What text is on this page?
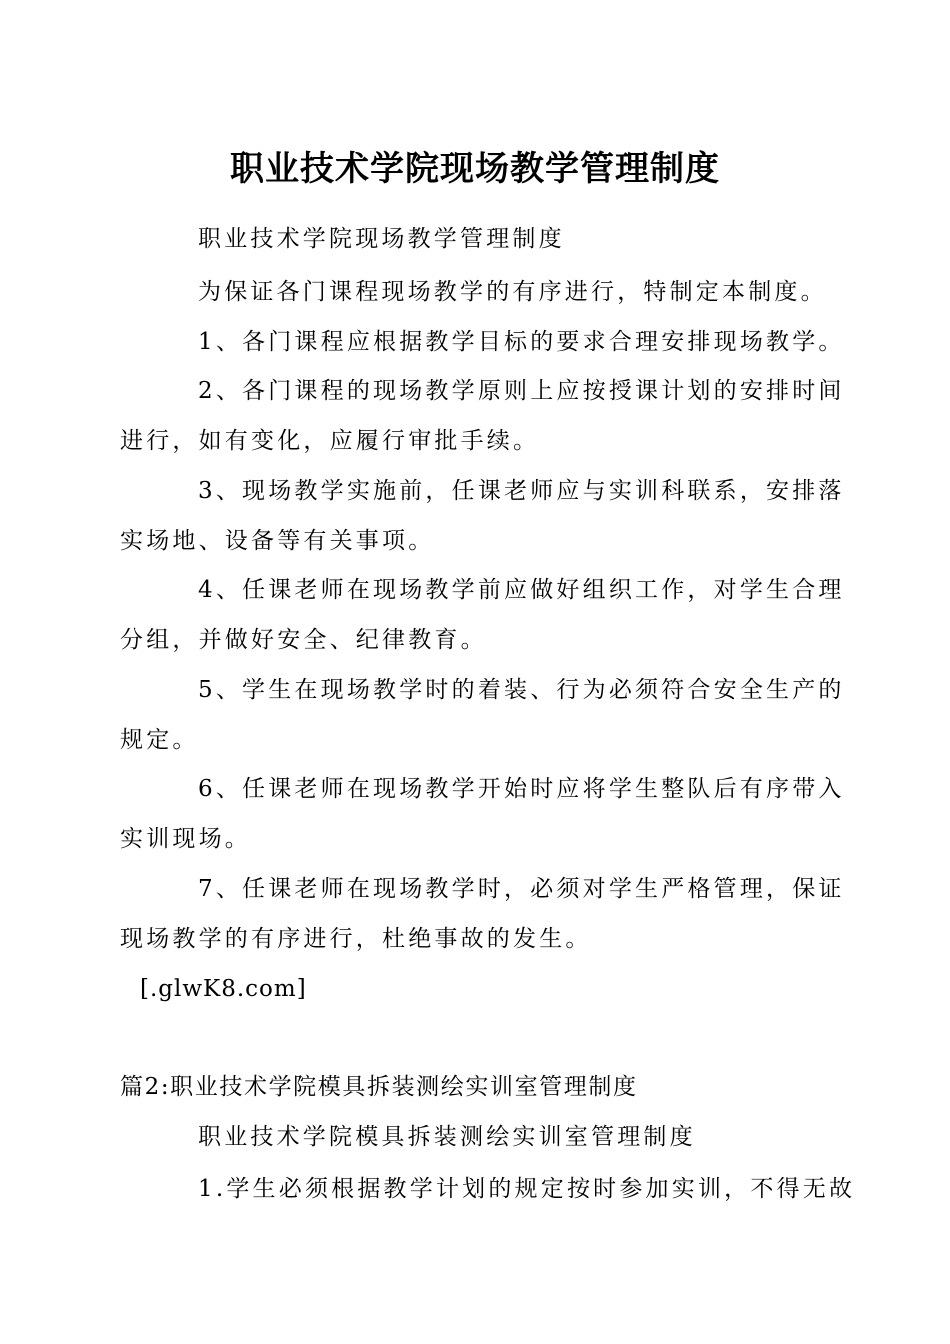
职业技术学院现场教学管理制度
职业技术学院现场教学管理制度
为保证各门课程现场教学的有序进行，特制定本制度。
1、各门课程应根据教学目标的要求合理安排现场教学。
2、各门课程的现场教学原则上应按授课计划的安排时间
进行，如有变化，应履行审批手续。
3、现场教学实施前，任课老师应与实训科联系，安排落
实场地、设备等有关事项。
4、任课老师在现场教学前应做好组织工作，对学生合理
分组，并做好安全、纪律教育。
5、学生在现场教学时的着装、行为必须符合安全生产的
规定。
6、任课老师在现场教学开始时应将学生整队后有序带入
实训现场。
7、任课老师在现场教学时，必须对学生严格管理，保证
现场教学的有序进行，杜绝事故的发生。
[.glwK8.com]
篇2:职业技术学院模具拆装测绘实训室管理制度
职业技术学院模具拆装测绘实训室管理制度
1.学生必须根据教学计划的规定按时参加实训，不得无故
